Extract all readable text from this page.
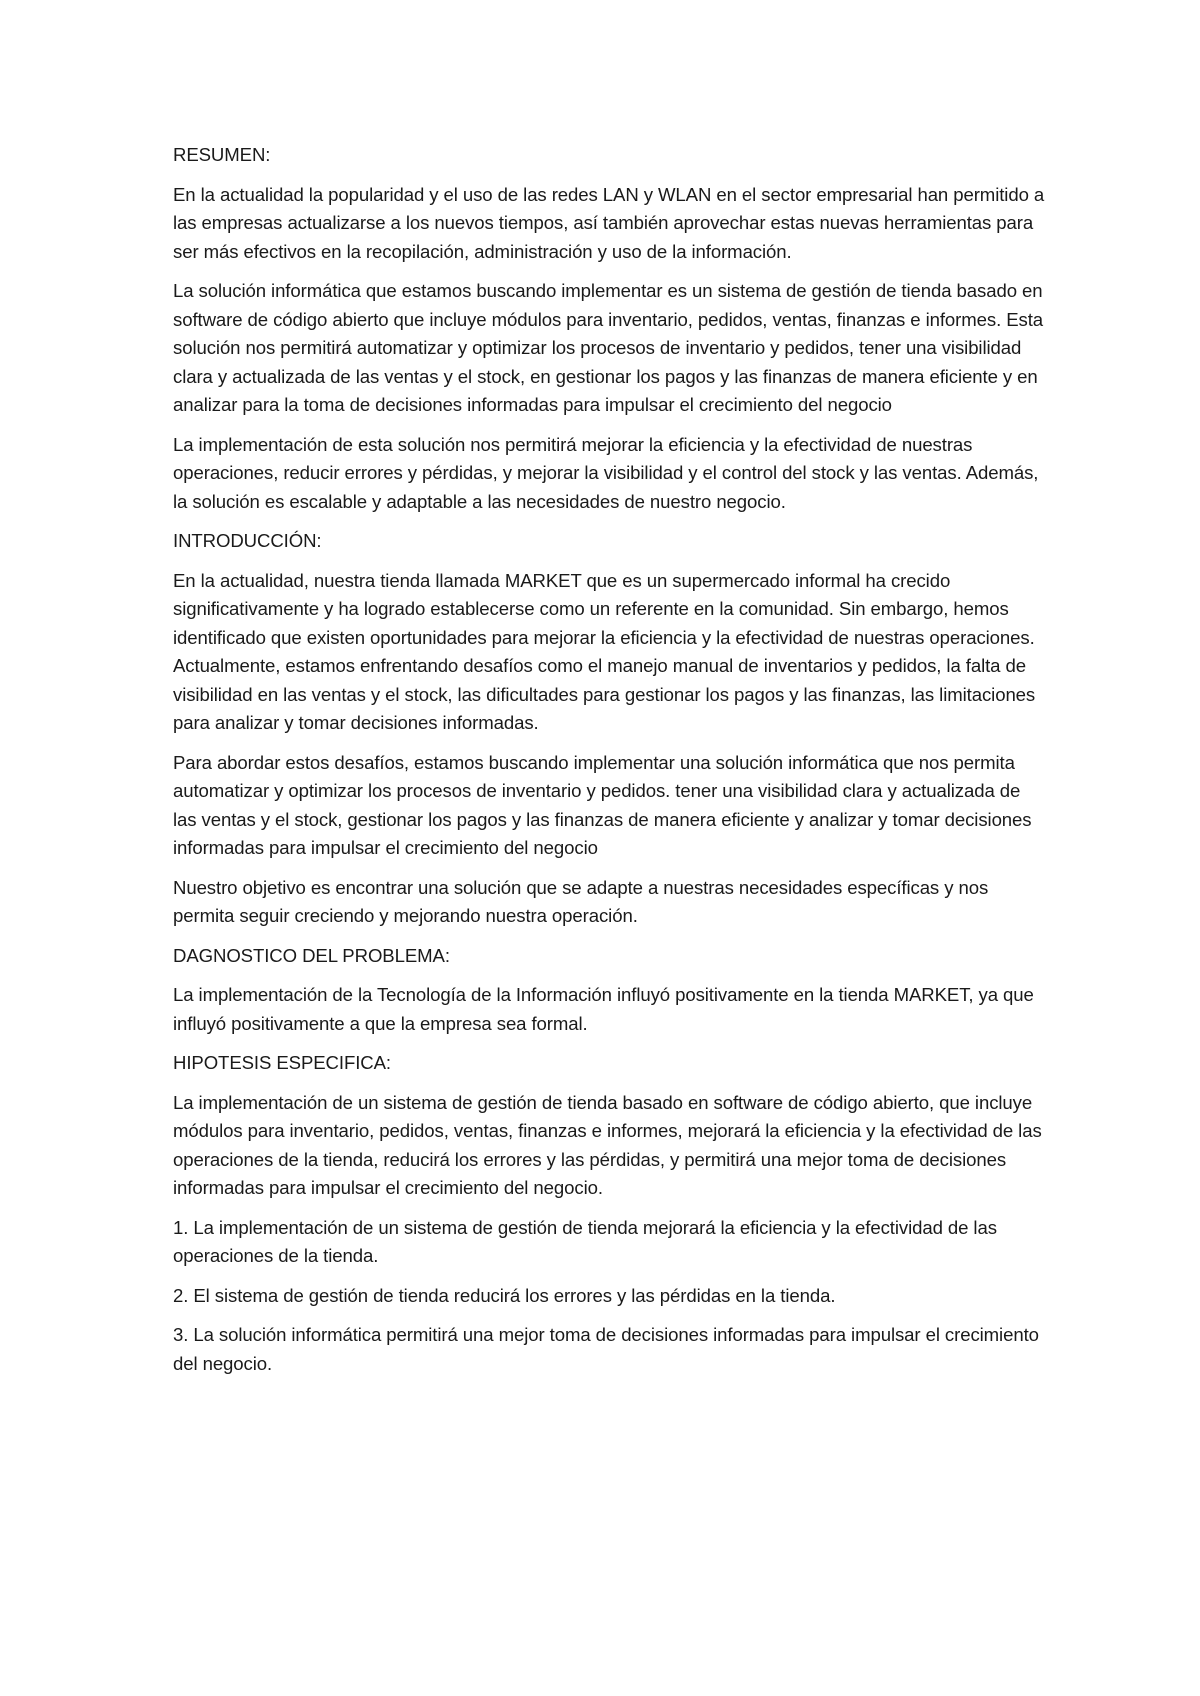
RESUMEN:

En la actualidad la popularidad y el uso de las redes LAN y WLAN en el sector empresarial han permitido a las empresas actualizarse a los nuevos tiempos, así también aprovechar estas nuevas herramientas para ser más efectivos en la recopilación, administración y uso de la información.

La solución informática que estamos buscando implementar es un sistema de gestión de tienda basado en software de código abierto que incluye módulos para inventario, pedidos, ventas, finanzas e informes. Esta solución nos permitirá automatizar y optimizar los procesos de inventario y pedidos, tener una visibilidad clara y actualizada de las ventas y el stock, en gestionar los pagos y las finanzas de manera eficiente y en analizar para la toma de decisiones informadas para impulsar el crecimiento del negocio

La implementación de esta solución nos permitirá mejorar la eficiencia y la efectividad de nuestras operaciones, reducir errores y pérdidas, y mejorar la visibilidad y el control del stock y las ventas. Además, la solución es escalable y adaptable a las necesidades de nuestro negocio.

INTRODUCCIÓN:

En la actualidad, nuestra tienda llamada MARKET que es un supermercado informal ha crecido significativamente y ha logrado establecerse como un referente en la comunidad. Sin embargo, hemos identificado que existen oportunidades para mejorar la eficiencia y la efectividad de nuestras operaciones. Actualmente, estamos enfrentando desafíos como el manejo manual de inventarios y pedidos, la falta de visibilidad en las ventas y el stock, las dificultades para gestionar los pagos y las finanzas, las limitaciones para analizar y tomar decisiones informadas.

Para abordar estos desafíos, estamos buscando implementar una solución informática que nos permita automatizar y optimizar los procesos de inventario y pedidos. tener una visibilidad clara y actualizada de las ventas y el stock, gestionar los pagos y las finanzas de manera eficiente y analizar y tomar decisiones informadas para impulsar el crecimiento del negocio

Nuestro objetivo es encontrar una solución que se adapte a nuestras necesidades específicas y nos permita seguir creciendo y mejorando nuestra operación.

DAGNOSTICO DEL PROBLEMA:

La implementación de la Tecnología de la Información influyó positivamente en la tienda MARKET, ya que influyó positivamente a que la empresa sea formal.

HIPOTESIS ESPECIFICA:

La implementación de un sistema de gestión de tienda basado en software de código abierto, que incluye módulos para inventario, pedidos, ventas, finanzas e informes, mejorará la eficiencia y la efectividad de las operaciones de la tienda, reducirá los errores y las pérdidas, y permitirá una mejor toma de decisiones informadas para impulsar el crecimiento del negocio.

1. La implementación de un sistema de gestión de tienda mejorará la eficiencia y la efectividad de las operaciones de la tienda.

2. El sistema de gestión de tienda reducirá los errores y las pérdidas en la tienda.

3. La solución informática permitirá una mejor toma de decisiones informadas para impulsar el crecimiento del negocio.
